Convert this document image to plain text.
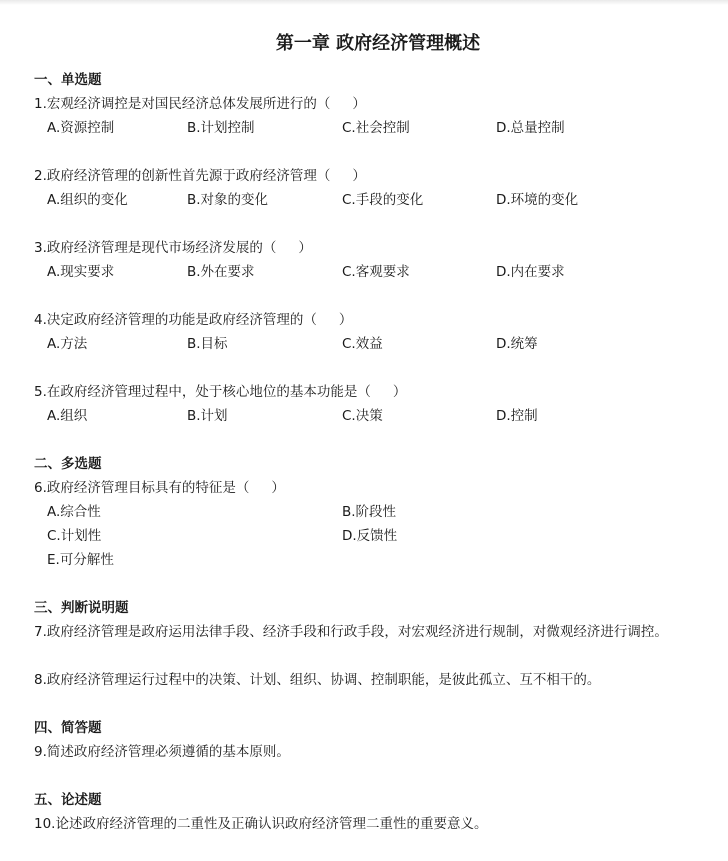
第一章 政府经济管理概述
一、单选题
1.宏观经济调控是对国民经济总体发展所进行的（ ）
A.资源控制	B.计划控制	C.社会控制	D.总量控制
2.政府经济管理的创新性首先源于政府经济管理（ ）
A.组织的变化	B.对象的变化	C.手段的变化	D.环境的变化
3.政府经济管理是现代市场经济发展的（ ）
A.现实要求	B.外在要求	C.客观要求	D.内在要求
4.决定政府经济管理的功能是政府经济管理的（ ）
A.方法	B.目标	C.效益	D.统筹
5.在政府经济管理过程中，处于核心地位的基本功能是（ ）
A.组织	B.计划	C.决策	D.控制
二、多选题
6.政府经济管理目标具有的特征是（ ）
A.综合性	B.阶段性
C.计划性	D.反馈性
E.可分解性
三、判断说明题
7.政府经济管理是政府运用法律手段、经济手段和行政手段，对宏观经济进行规制，对微观经济进行调控。
8.政府经济管理运行过程中的决策、计划、组织、协调、控制职能，是彼此孤立、互不相干的。
四、简答题
9.简述政府经济管理必须遵循的基本原则。
五、论述题
10.论述政府经济管理的二重性及正确认识政府经济管理二重性的重要意义。
